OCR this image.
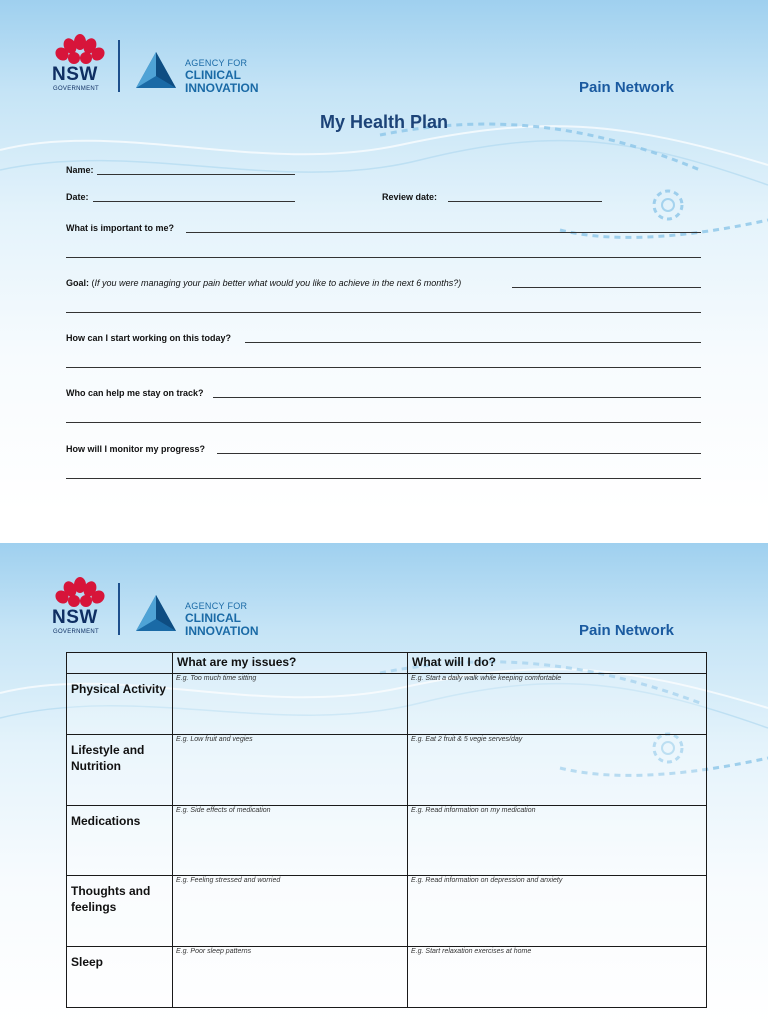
NSW
GOVERNMENT
AGENCY FOR
CLINICAL
INNOVATION	Pain Network
My Health Plan
Name:
Date:	Review date:
What is important to me?
Goal: (If you were managing your pain better what would you like to achieve in the next 6 months?)
How can I start working on this today?
Who can help me stay on track?
How will I monitor my progress?
NSW
GOVERNMENT
AGENCY FOR
CLINICAL
INNOVATION	Pain Network
	What are my issues?	What will I do?
Physical Activity	E.g. Too much time sitting	E.g. Start a daily walk while keeping comfortable
Lifestyle and Nutrition	E.g. Low fruit and vegies	E.g. Eat 2 fruit & 5 vegie serves/day
Medications	E.g. Side effects of medication	E.g. Read information on my medication
Thoughts and feelings	E.g. Feeling stressed and worried	E.g. Read information on depression and anxiety
Sleep	E.g. Poor sleep patterns	E.g. Start relaxation exercises at home
